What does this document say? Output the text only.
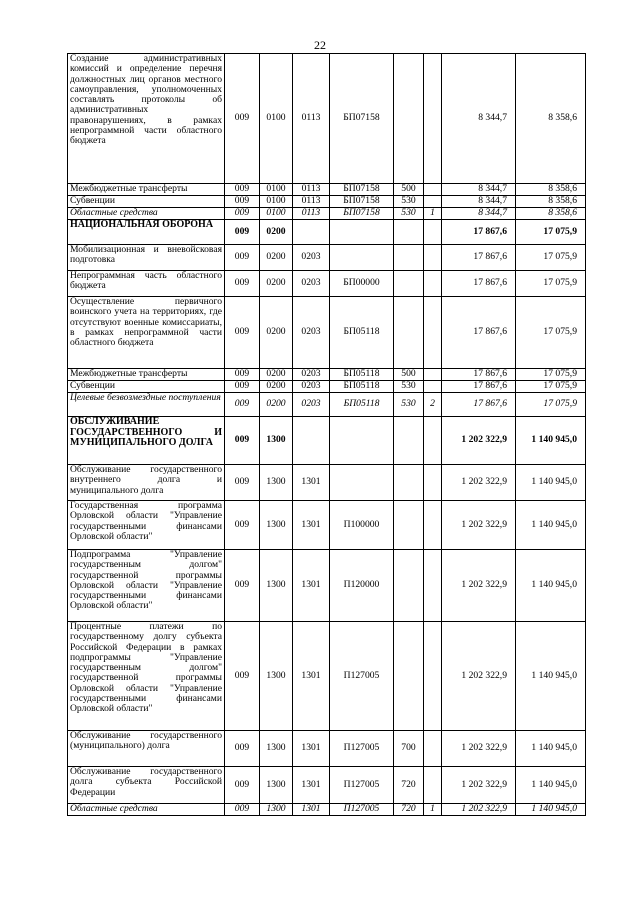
22
Создание административных комиссий и определение перечня должностных лиц органов местного самоуправления, уполномоченных составлять протоколы об административных правонарушениях, в рамках непрограммной части областного бюджета	009	0100	0113	БП07158			8 344,7	8 358,6
Межбюджетные трансферты	009	0100	0113	БП07158	500		8 344,7	8 358,6
Субвенции	009	0100	0113	БП07158	530		8 344,7	8 358,6
Областные средства	009	0100	0113	БП07158	530	1	8 344,7	8 358,6
НАЦИОНАЛЬНАЯ ОБОРОНА	009	0200					17 867,6	17 075,9
Мобилизационная и вневойсковая подготовка	009	0200	0203				17 867,6	17 075,9
Непрограммная часть областного бюджета	009	0200	0203	БП00000			17 867,6	17 075,9
Осуществление первичного воинского учета на территориях, где отсутствуют военные комиссариаты, в рамках непрограммной части областного бюджета	009	0200	0203	БП05118			17 867,6	17 075,9
Межбюджетные трансферты	009	0200	0203	БП05118	500		17 867,6	17 075,9
Субвенции	009	0200	0203	БП05118	530		17 867,6	17 075,9
Целевые безвозмездные поступления	009	0200	0203	БП05118	530	2	17 867,6	17 075,9
ОБСЛУЖИВАНИЕ ГОСУДАРСТВЕННОГО И МУНИЦИПАЛЬНОГО ДОЛГА	009	1300					1 202 322,9	1 140 945,0
Обслуживание государственного внутреннего долга и муниципального долга	009	1300	1301				1 202 322,9	1 140 945,0
Государственная программа Орловской области "Управление государственными финансами Орловской области"	009	1300	1301	П100000			1 202 322,9	1 140 945,0
Подпрограмма "Управление государственным долгом" государственной программы Орловской области "Управление государственными финансами Орловской области"	009	1300	1301	П120000			1 202 322,9	1 140 945,0
Процентные платежи по государственному долгу субъекта Российской Федерации в рамках подпрограммы "Управление государственным долгом" государственной программы Орловской области "Управление государственными финансами Орловской области"	009	1300	1301	П127005			1 202 322,9	1 140 945,0
Обслуживание государственного (муниципального) долга	009	1300	1301	П127005	700		1 202 322,9	1 140 945,0
Обслуживание государственного долга субъекта Российской Федерации	009	1300	1301	П127005	720		1 202 322,9	1 140 945,0
Областные средства	009	1300	1301	П127005	720	1	1 202 322,9	1 140 945,0
